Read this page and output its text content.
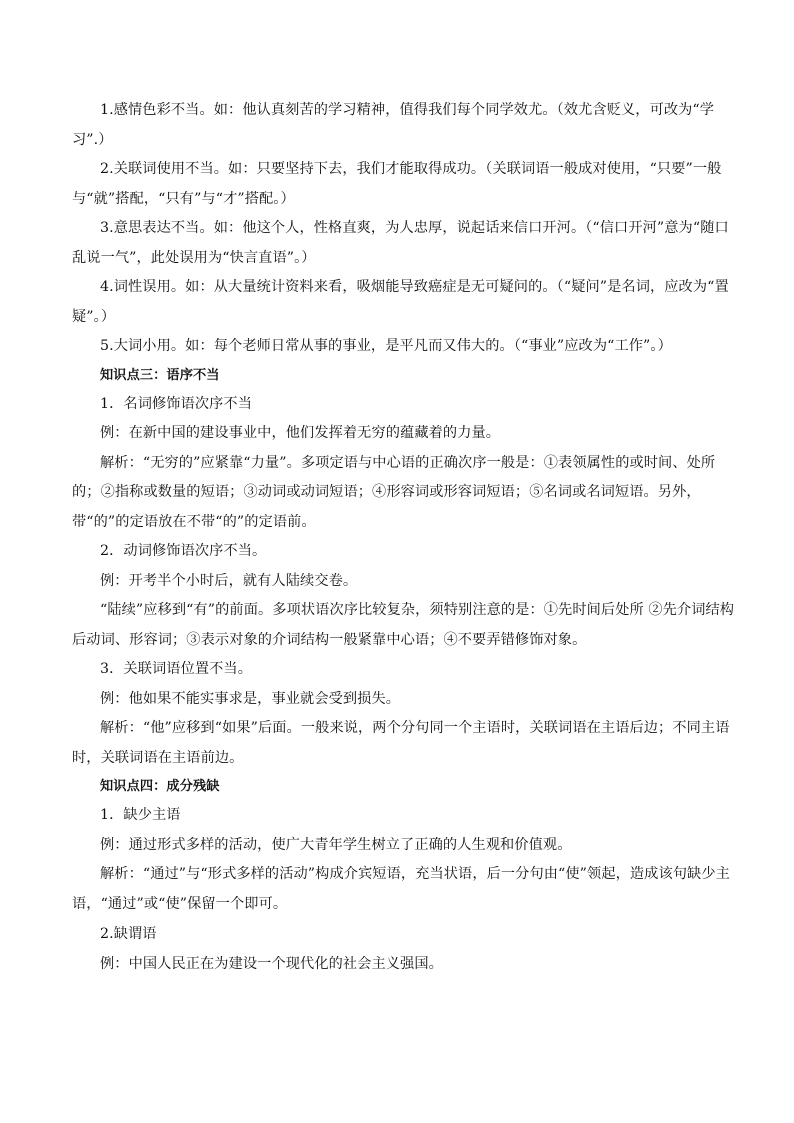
1.感情色彩不当。如：他认真刻苦的学习精神，值得我们每个同学效尤。（效尤含贬义，可改为“学习”.）

2.关联词使用不当。如：只要坚持下去，我们才能取得成功。（关联词语一般成对使用，“只要”一般与“就”搭配，“只有”与“才”搭配。）

3.意思表达不当。如：他这个人，性格直爽，为人忠厚，说起话来信口开河。（“信口开河”意为“随口乱说一气”，此处误用为“快言直语”。）

4.词性误用。如：从大量统计资料来看，吸烟能导致癌症是无可疑问的。（“疑问”是名词，应改为“置疑”。）

5.大词小用。如：每个老师日常从事的事业，是平凡而又伟大的。（“事业”应改为“工作”。）

知识点三：语序不当

1．名词修饰语次序不当

例：在新中国的建设事业中，他们发挥着无穷的蕴藏着的力量。

解析：“无穷的”应紧靠“力量”。多项定语与中心语的正确次序一般是：①表领属性的或时间、处所的；②指称或数量的短语；③动词或动词短语；④形容词或形容词短语；⑤名词或名词短语。另外，带“的”的定语放在不带“的”的定语前。

2．动词修饰语次序不当。

例：开考半个小时后，就有人陆续交卷。

“陆续”应移到“有”的前面。多项状语次序比较复杂，须特别注意的是：①先时间后处所 ②先介词结构后动词、形容词；③表示对象的介词结构一般紧靠中心语；④不要弄错修饰对象。

3．关联词语位置不当。

例：他如果不能实事求是，事业就会受到损失。

解析：“他”应移到“如果”后面。一般来说，两个分句同一个主语时，关联词语在主语后边；不同主语时，关联词语在主语前边。

知识点四：成分残缺

1．缺少主语

例：通过形式多样的活动，使广大青年学生树立了正确的人生观和价值观。

解析：“通过”与“形式多样的活动”构成介宾短语，充当状语，后一分句由“使”领起，造成该句缺少主语，“通过”或“使”保留一个即可。

2.缺谓语

例：中国人民正在为建设一个现代化的社会主义强国。
